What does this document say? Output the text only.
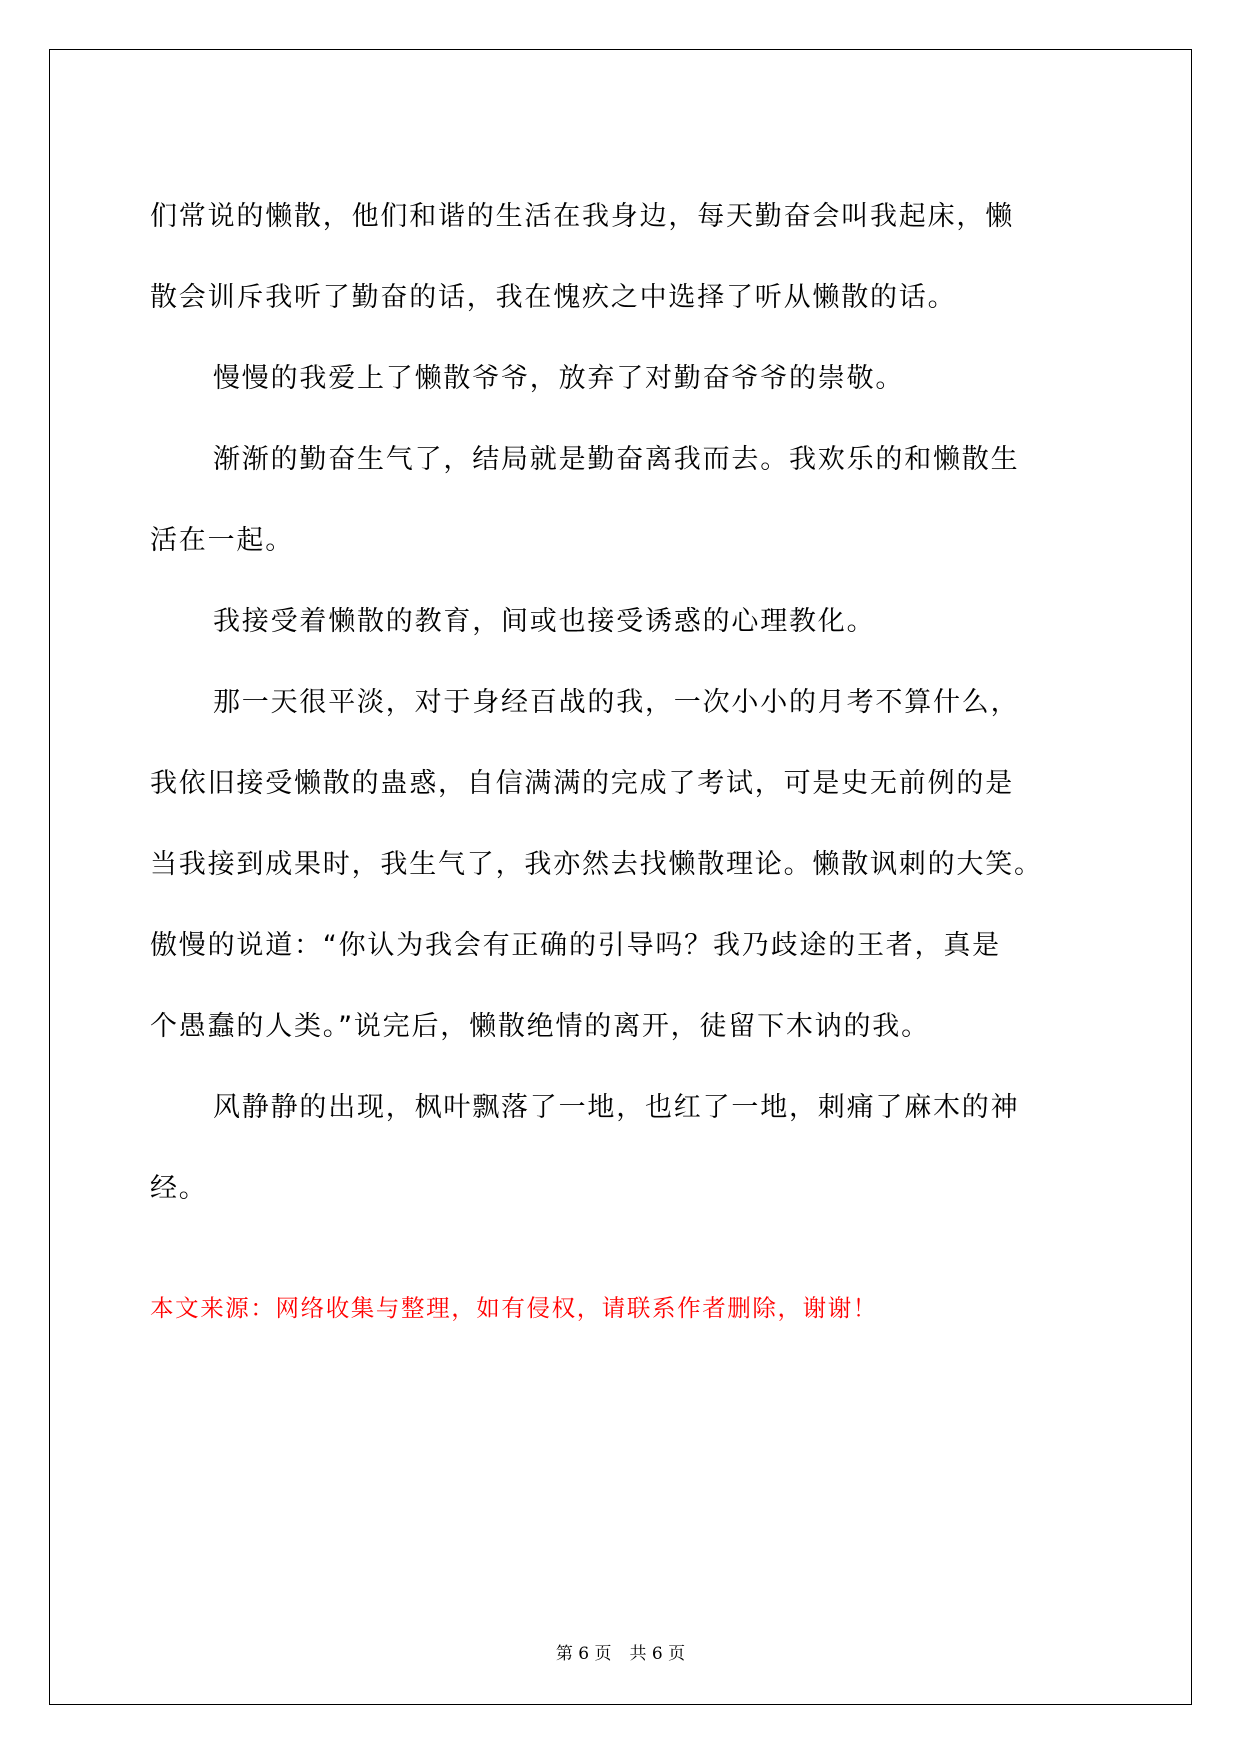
们常说的懒散，他们和谐的生活在我身边，每天勤奋会叫我起床，懒

散会训斥我听了勤奋的话，我在愧疚之中选择了听从懒散的话。

慢慢的我爱上了懒散爷爷，放弃了对勤奋爷爷的崇敬。

渐渐的勤奋生气了，结局就是勤奋离我而去。我欢乐的和懒散生

活在一起。

我接受着懒散的教育，间或也接受诱惑的心理教化。

那一天很平淡，对于身经百战的我，一次小小的月考不算什么，

我依旧接受懒散的蛊惑，自信满满的完成了考试，可是史无前例的是

当我接到成果时，我生气了，我亦然去找懒散理论。懒散讽刺的大笑。

傲慢的说道：“你认为我会有正确的引导吗？我乃歧途的王者，真是

个愚蠢的人类。”说完后，懒散绝情的离开，徒留下木讷的我。

风静静的出现，枫叶飘落了一地，也红了一地，刺痛了麻木的神

经。

本文来源：网络收集与整理，如有侵权，请联系作者删除，谢谢！

第 6 页 共 6 页
